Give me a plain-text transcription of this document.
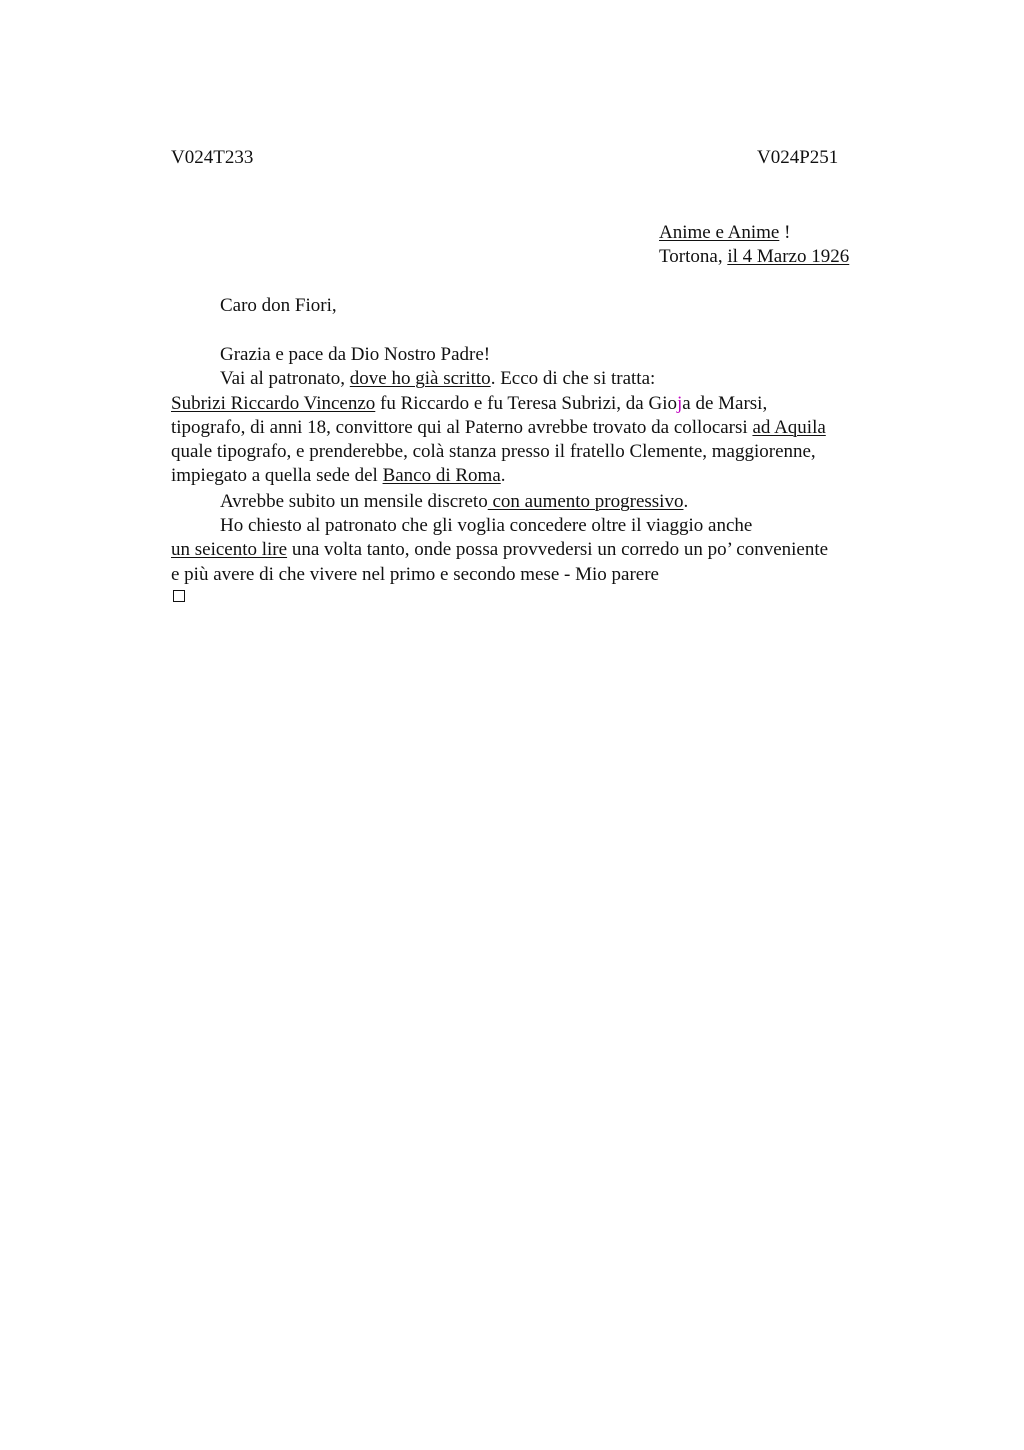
V024T233	V024P251
Anime e Anime !
Tortona, il 4 Marzo 1926
Caro don Fiori,
Grazia e pace da Dio Nostro Padre!
Vai al patronato, dove ho già scritto. Ecco di che si tratta:
Subrizi Riccardo Vincenzo fu Riccardo e fu Teresa Subrizi, da Gioja de Marsi,
tipografo, di anni 18, convittore qui al Paterno avrebbe trovato da collocarsi ad Aquila
quale tipografo, e prenderebbe, colà stanza presso il fratello Clemente, maggiorenne,
impiegato a quella sede del Banco di Roma.
Avrebbe subito un mensile discreto con aumento progressivo.
Ho chiesto al patronato che gli voglia concedere oltre il viaggio anche
un seicento lire una volta tanto, onde possa provvedersi un corredo un po’ conveniente
e più avere di che vivere nel primo e secondo mese - Mio parere
